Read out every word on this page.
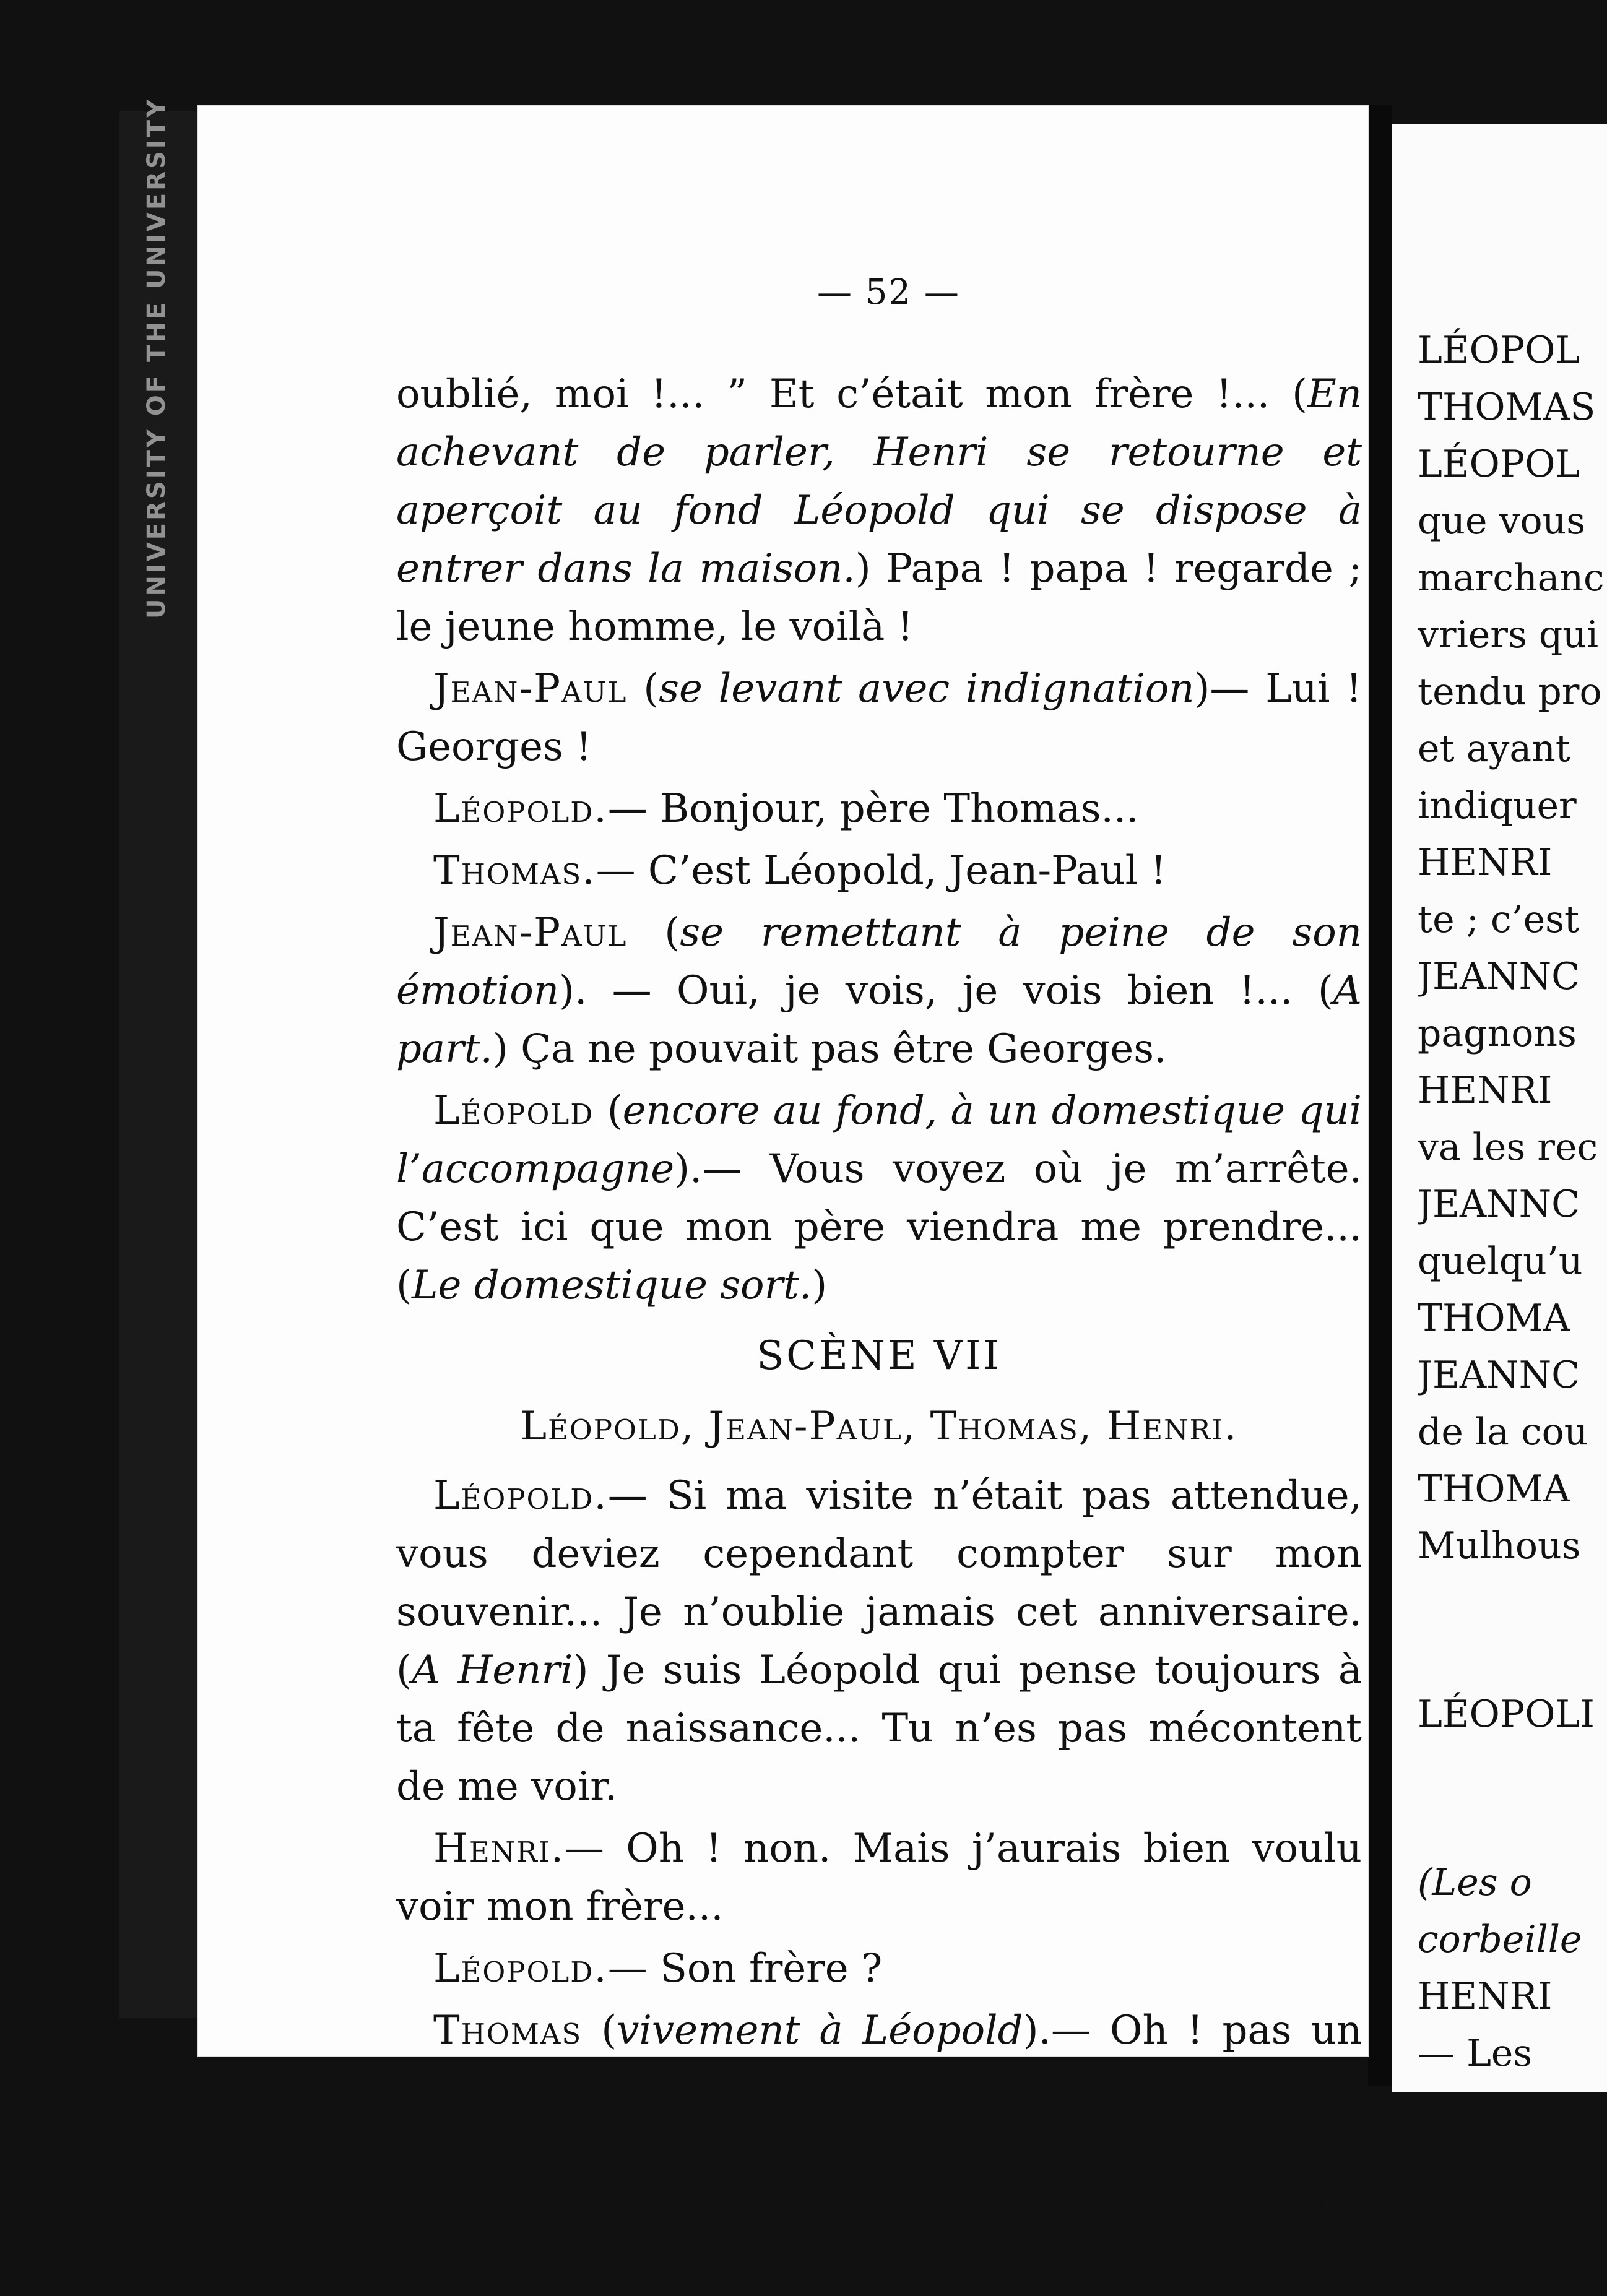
UNIVERSITY OF THE UNIVERSITY	— 52 —

oublié, moi !... ” Et c’était mon frère !... (En achevant de parler, Henri se retourne et aperçoit au fond Léopold qui se dispose à entrer dans la maison.) Papa ! papa ! regarde ; le jeune homme, le voilà !

Jean-Paul (se levant avec indignation)— Lui ! Georges !

Léopold.— Bonjour, père Thomas...

Thomas.— C’est Léopold, Jean-Paul !

Jean-Paul (se remettant à peine de son émotion). — Oui, je vois, je vois bien !... (A part.) Ça ne pouvait pas être Georges.

Léopold (encore au fond, à un domestique qui l’accompagne).— Vous voyez où je m’arrête. C’est ici que mon père viendra me prendre... (Le domestique sort.)

SCÈNE VII

Léopold, Jean-Paul, Thomas, Henri.

Léopold.— Si ma visite n’était pas attendue, vous deviez cependant compter sur mon souvenir... Je n’oublie jamais cet anniversaire. (A Henri) Je suis Léopold qui pense toujours à ta fête de naissance... Tu n’es pas mécontent de me voir.

Henri.— Oh ! non. Mais j’aurais bien voulu voir mon frère...

Léopold.— Son frère ?

Thomas (vivement à Léopold).— Oh ! pas un mot de Georges devant Jean-Paul ; plus tard, quand nous serons seuls, je vous dirai... (Haut.) Mais comment vous trouvez-vous en cette ville ? (Henri est allé près de son père.)

LÉOPOL
THOMAS
LÉOPOL
que vous
marchanc
vriers qui
tendu pro
et ayant
indiquer
HENRI
te ; c’est
JEANNC
pagnons
HENRI
va les rec
JEANNC
quelqu’u
THOMA
JEANNC
de la cou
THOMA
Mulhous
LÉOPOLI
(Les o
corbeille
HENRI
— Les
